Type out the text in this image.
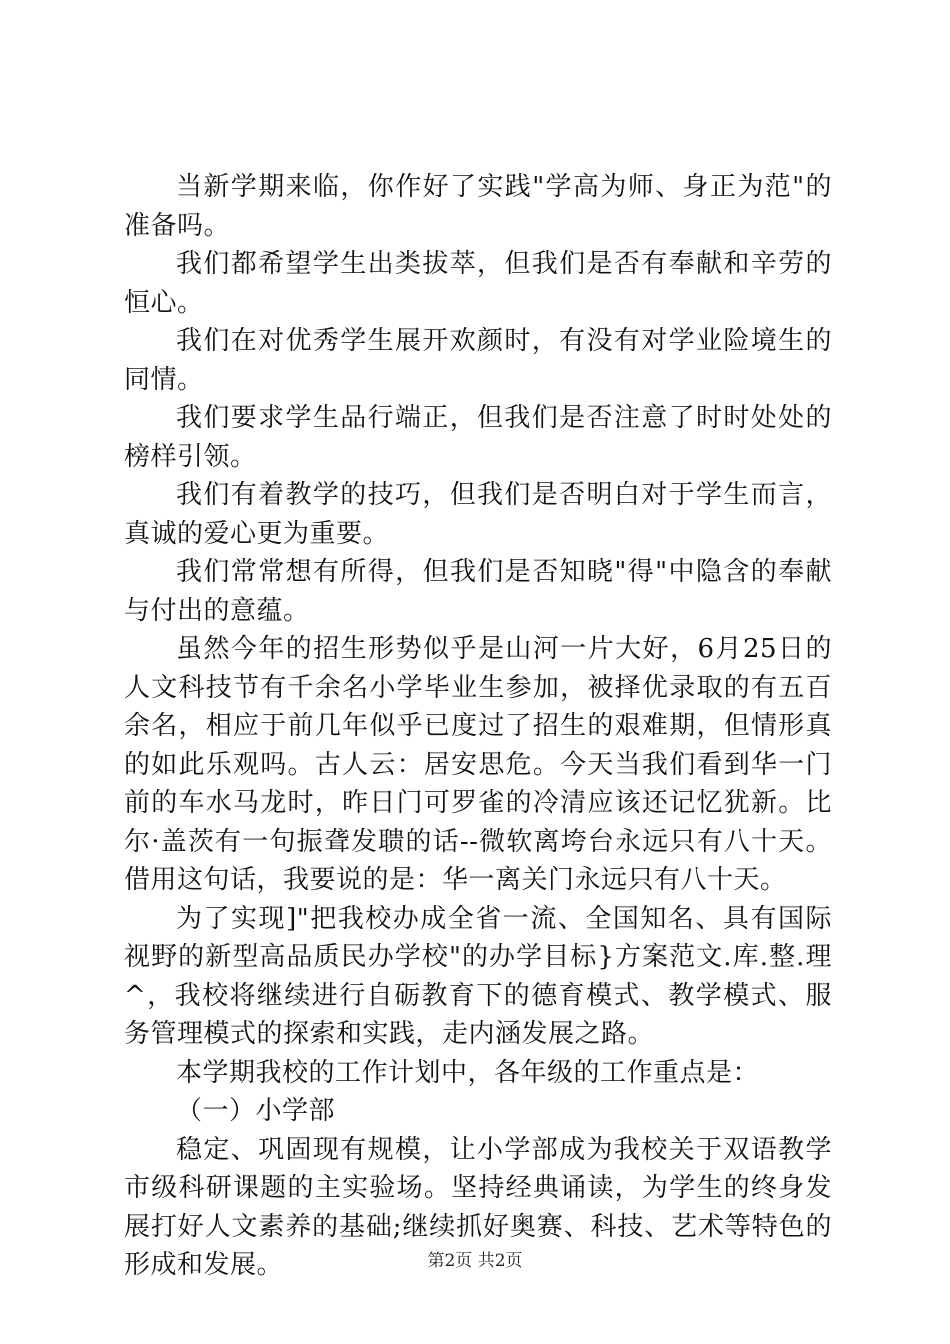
当新学期来临，你作好了实践"学高为师、身正为范"的准备吗。

我们都希望学生出类拔萃，但我们是否有奉献和辛劳的恒心。

我们在对优秀学生展开欢颜时，有没有对学业险境生的同情。

我们要求学生品行端正，但我们是否注意了时时处处的榜样引领。

我们有着教学的技巧，但我们是否明白对于学生而言，真诚的爱心更为重要。

我们常常想有所得，但我们是否知晓"得"中隐含的奉献与付出的意蕴。

虽然今年的招生形势似乎是山河一片大好，6月25日的人文科技节有千余名小学毕业生参加，被择优录取的有五百余名，相应于前几年似乎已度过了招生的艰难期，但情形真的如此乐观吗。古人云：居安思危。今天当我们看到华一门前的车水马龙时，昨日门可罗雀的冷清应该还记忆犹新。比尔·盖茨有一句振聋发聩的话--微软离垮台永远只有八十天。借用这句话，我要说的是：华一离关门永远只有八十天。

为了实现]"把我校办成全省一流、全国知名、具有国际视野的新型高品质民办学校"的办学目标}方案范文.库.整.理^，我校将继续进行自砺教育下的德育模式、教学模式、服务管理模式的探索和实践，走内涵发展之路。

本学期我校的工作计划中，各年级的工作重点是：

（一）小学部

稳定、巩固现有规模，让小学部成为我校关于双语教学市级科研课题的主实验场。坚持经典诵读，为学生的终身发展打好人文素养的基础;继续抓好奥赛、科技、艺术等特色的形成和发展。	第2页 共2页
